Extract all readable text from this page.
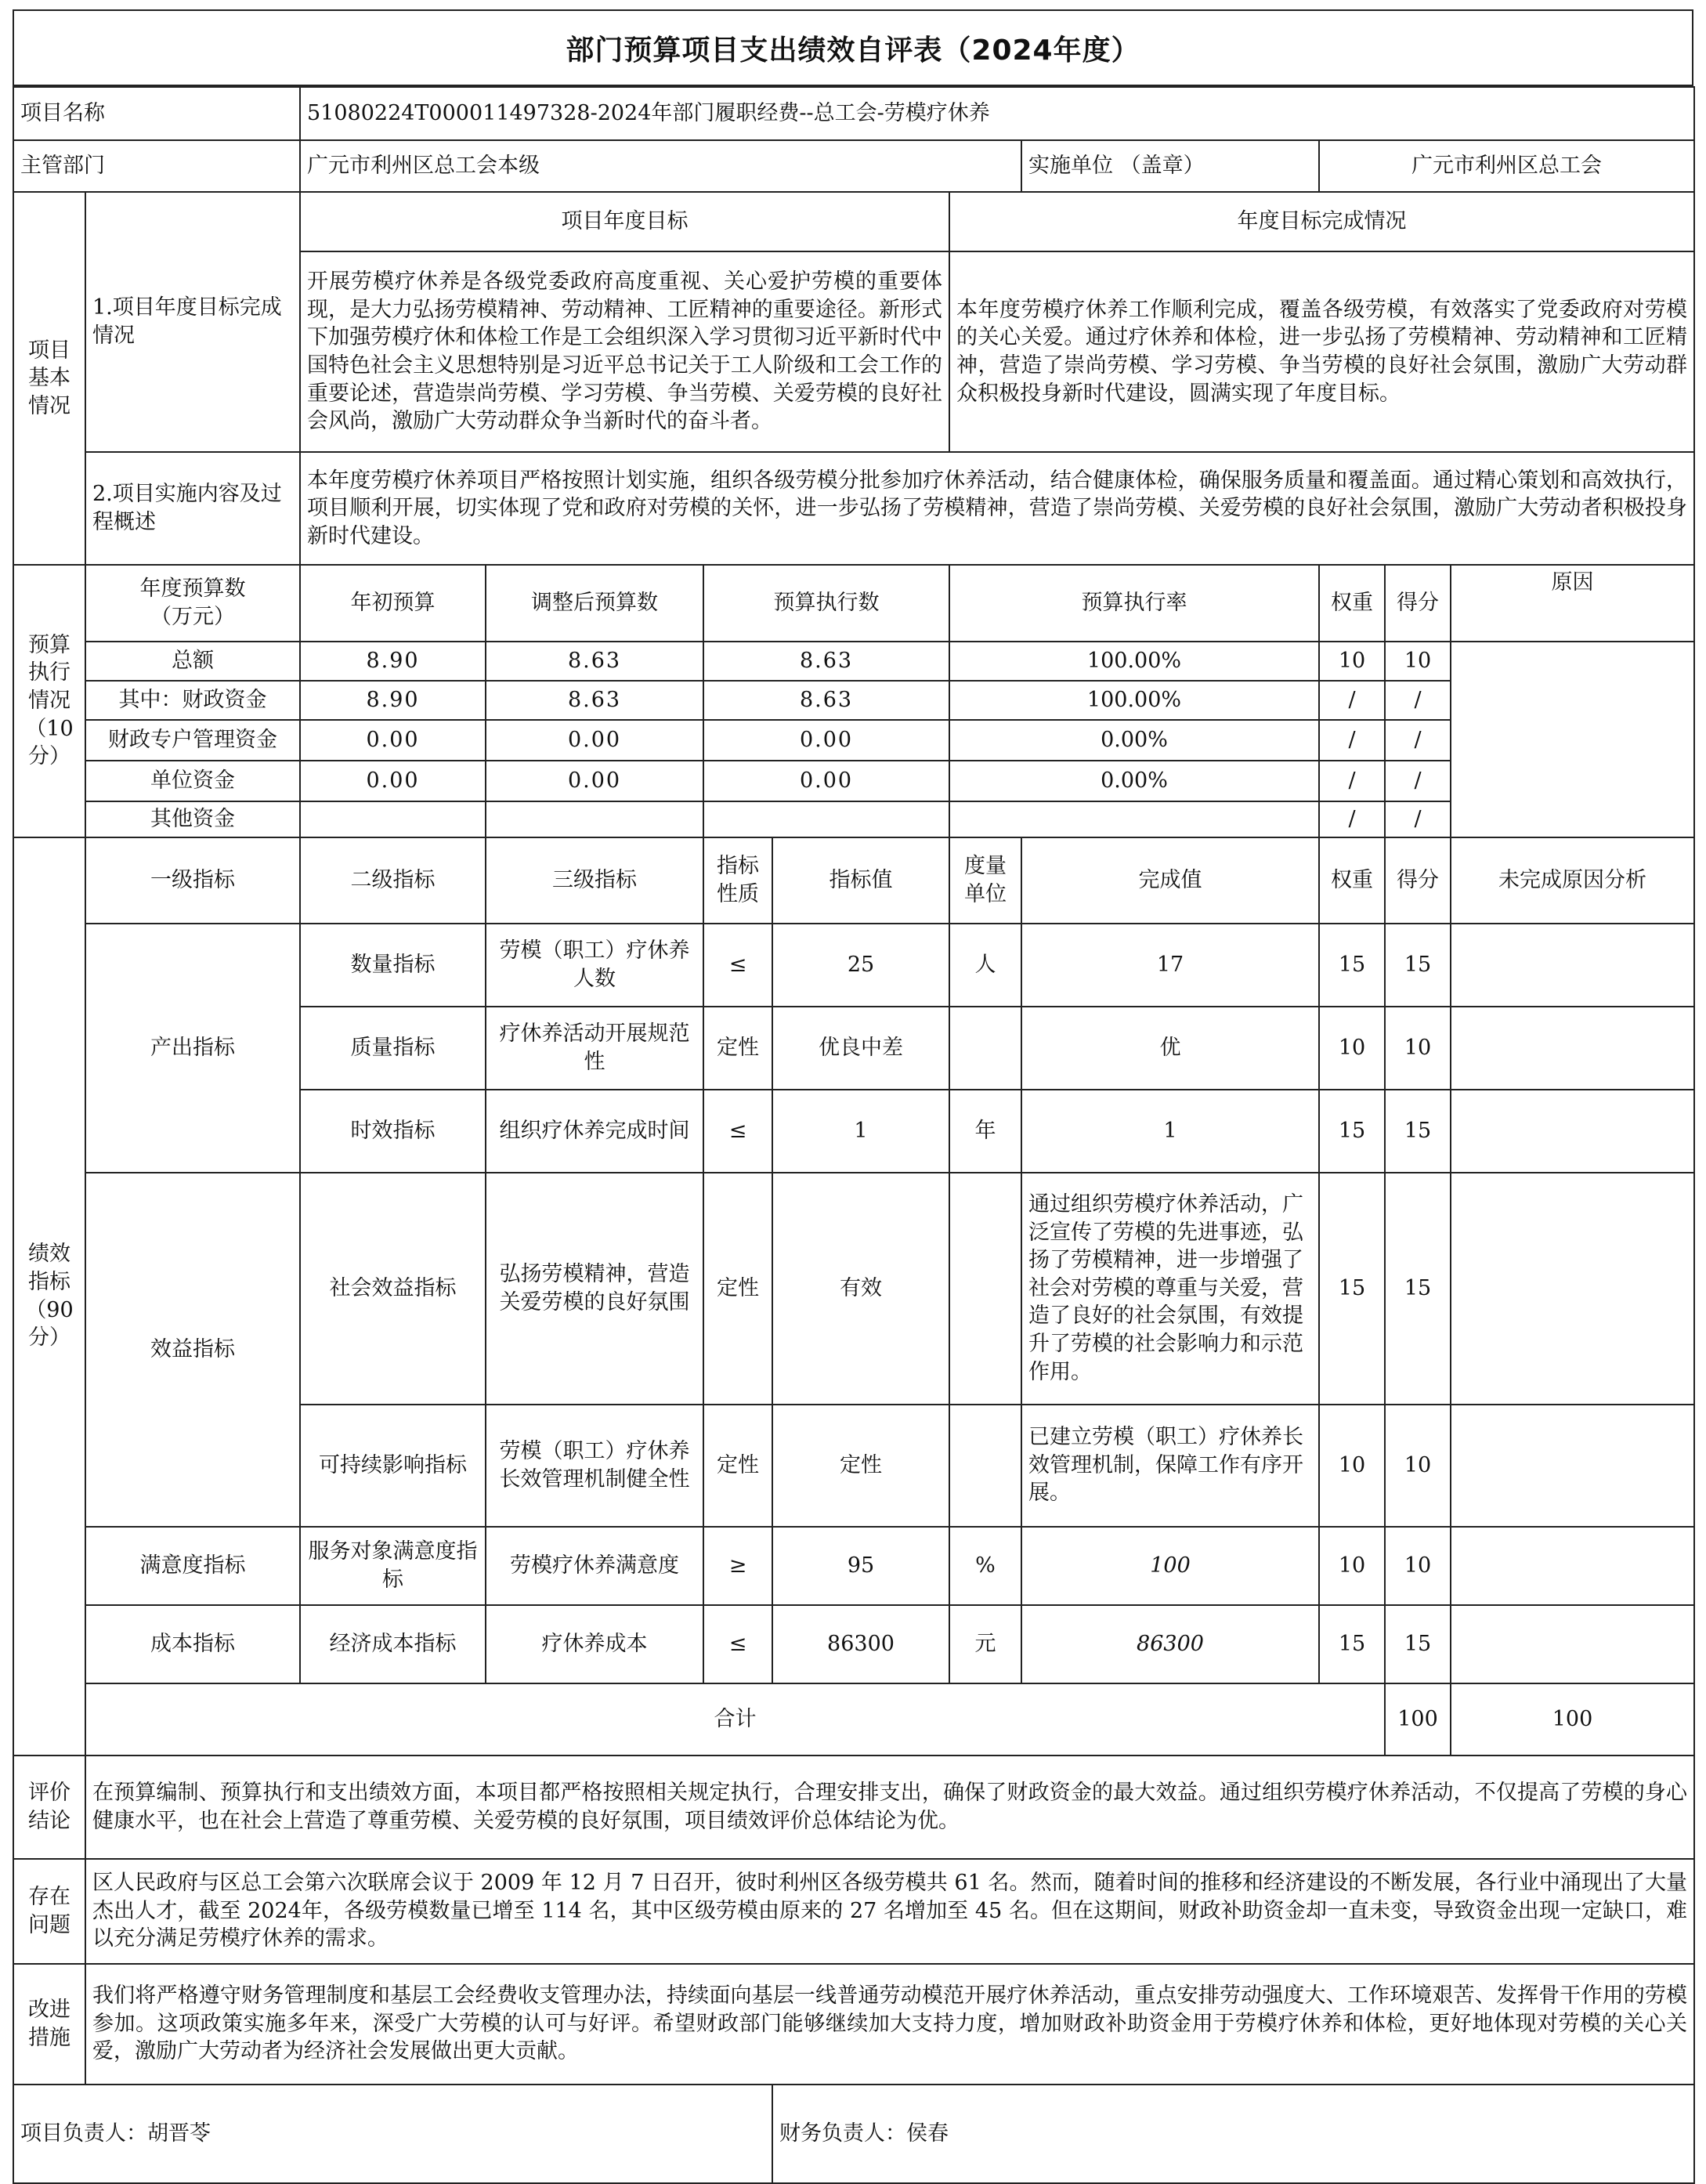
部门预算项目支出绩效自评表（2024年度）
项目名称		51080224T000011497328-2024年部门履职经费--总工会-劳模疗休养									
主管部门		广元市利州区总工会本级					实施单位 （盖章）	广元市利州区总工会			
项目
基本
情况	1.项目年度目标完成情况	项目年度目标				年度目标完成情况					
		开展劳模疗休养是各级党委政府高度重视、关心爱护劳模的重要体现，是大力弘扬劳模精神、劳动精神、工匠精神的重要途径。新形式下加强劳模疗休和体检工作是工会组织深入学习贯彻习近平新时代中国特色社会主义思想特别是习近平总书记关于工人阶级和工会工作的重要论述，营造崇尚劳模、学习劳模、争当劳模、关爱劳模的良好社会风尚，激励广大劳动群众争当新时代的奋斗者。				本年度劳模疗休养工作顺利完成，覆盖各级劳模，有效落实了党委政府对劳模的关心关爱。通过疗休养和体检，进一步弘扬了劳模精神、劳动精神和工匠精神，营造了崇尚劳模、学习劳模、争当劳模的良好社会氛围，激励广大劳动群众积极投身新时代建设，圆满实现了年度目标。					
	2.项目实施内容及过程概述	本年度劳模疗休养项目严格按照计划实施，组织各级劳模分批参加疗休养活动，结合健康体检，确保服务质量和覆盖面。通过精心策划和高效执行，项目顺利开展，切实体现了党和政府对劳模的关怀，进一步弘扬了劳模精神，营造了崇尚劳模、关爱劳模的良好社会氛围，激励广大劳动者积极投身新时代建设。									
预算
执行
情况
（10
分）	年度预算数
（万元）	年初预算	调整后预算数	预算执行数		预算执行率		权重	得分	原因	
	总额	8.90	8.63	8.63		100.00%		10	10		
	其中：财政资金	8.90	8.63	8.63		100.00%		/	/		
	财政专户管理资金	0.00	0.00	0.00		0.00%		/	/		
	单位资金	0.00	0.00	0.00		0.00%		/	/		
	其他资金							/	/		
绩效
指标
（90
分）	一级指标	二级指标	三级指标	指标
性质	指标值	度量
单位	完成值	权重	得分	未完成原因分析	
	产出指标	数量指标	劳模（职工）疗休养人数	≤	25	人	17	15	15		
		质量指标	疗休养活动开展规范性	定性	优良中差		优	10	10		
		时效指标	组织疗休养完成时间	≤	1	年	1	15	15		
	效益指标	社会效益指标	弘扬劳模精神，营造关爱劳模的良好氛围	定性	有效		通过组织劳模疗休养活动，广泛宣传了劳模的先进事迹，弘扬了劳模精神，进一步增强了社会对劳模的尊重与关爱，营造了良好的社会氛围，有效提升了劳模的社会影响力和示范作用。	15	15		
		可持续影响指标	劳模（职工）疗休养长效管理机制健全性	定性	定性		已建立劳模（职工）疗休养长效管理机制，保障工作有序开展。	10	10		
	满意度指标	服务对象满意度指标	劳模疗休养满意度	≥	95	%	100	10	10		
	成本指标	经济成本指标	疗休养成本	≤	86300	元	86300	15	15		
	合计								100	100	
评价
结论	在预算编制、预算执行和支出绩效方面，本项目都严格按照相关规定执行，合理安排支出，确保了财政资金的最大效益。通过组织劳模疗休养活动，不仅提高了劳模的身心健康水平，也在社会上营造了尊重劳模、关爱劳模的良好氛围，项目绩效评价总体结论为优。										
存在
问题	区人民政府与区总工会第六次联席会议于 2009 年 12 月 7 日召开，彼时利州区各级劳模共 61 名。然而，随着时间的推移和经济建设的不断发展，各行业中涌现出了大量杰出人才，截至 2024年，各级劳模数量已增至 114 名，其中区级劳模由原来的 27 名增加至 45 名。但在这期间，财政补助资金却一直未变，导致资金出现一定缺口，难以充分满足劳模疗休养的需求。										
改进
措施	我们将严格遵守财务管理制度和基层工会经费收支管理办法，持续面向基层一线普通劳动模范开展疗休养活动，重点安排劳动强度大、工作环境艰苦、发挥骨干作用的劳模参加。这项政策实施多年来，深受广大劳模的认可与好评。希望财政部门能够继续加大支持力度，增加财政补助资金用于劳模疗休养和体检，更好地体现对劳模的关心关爱，激励广大劳动者为经济社会发展做出更大贡献。										
项目负责人：胡晋苓					财务负责人：侯春						
